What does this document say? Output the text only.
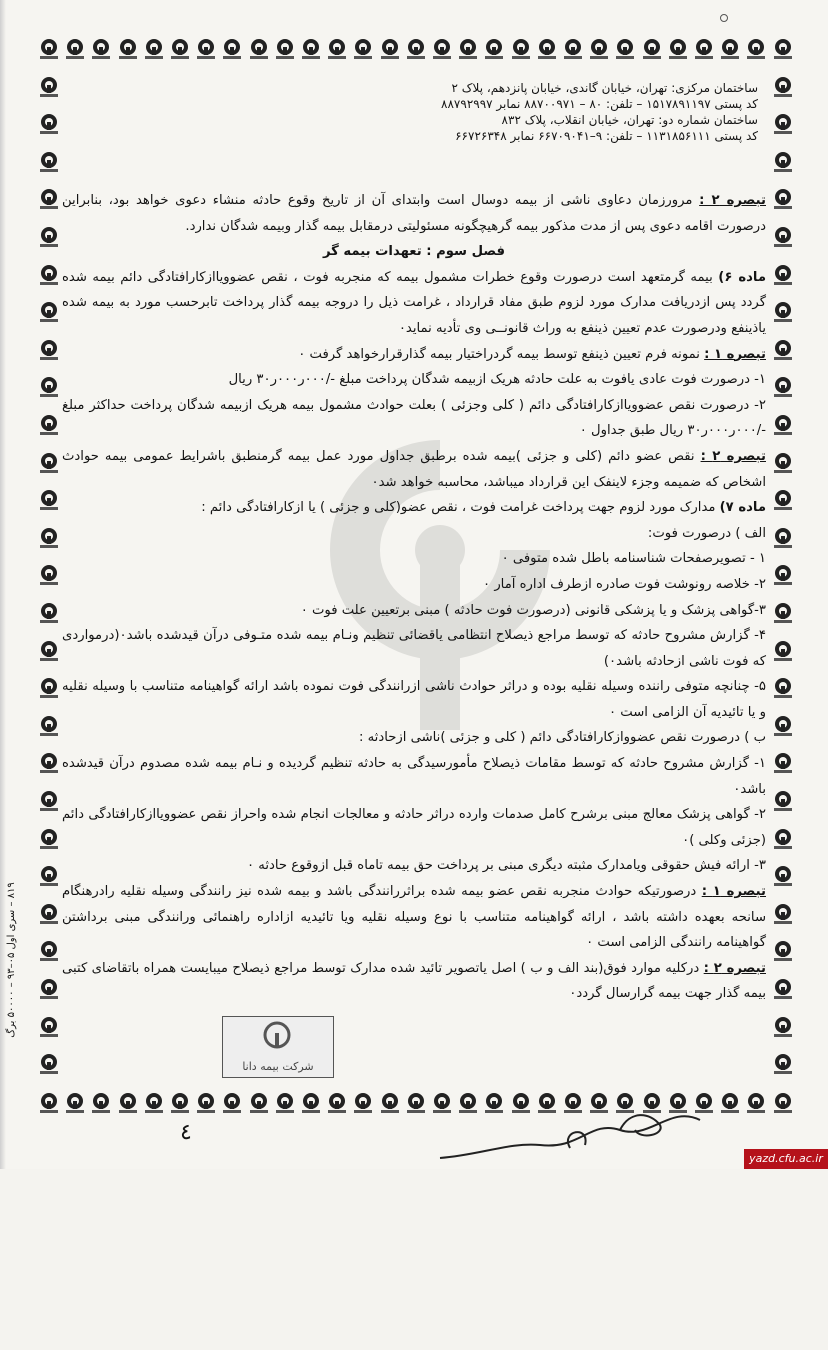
ساختمان مرکزی: تهران، خیابان گاندی، خیابان پانزدهم، پلاک ۲
کد پستی ۱۵۱۷۸۹۱۱۹۷ – تلفن: ۸۰ – ۸۸۷۰۰۹۷۱ نمابر ۸۸۷۹۲۹۹۷
ساختمان شماره دو: تهران، خیابان انقلاب، پلاک ۸۳۲
کد پستی ۱۱۳۱۸۵۶۱۱۱ – تلفن: ۹–۶۶۷۰۹۰۴۱ نمابر ۶۶۷۲۶۳۴۸

تبصره ۲ : مرورزمان دعاوی ناشی از بیمه دوسال است وابتدای آن از تاریخ وقوع حادثه منشاء دعوی خواهد بود، بنابراین درصورت اقامه دعوی پس از مدت مذکور بیمه گرهیچگونه مسئولیتی درمقابل بیمه گذار وبیمه شدگان ندارد.

فصل سوم : تعهدات بیمه گر

ماده ۶) بیمه گرمتعهد است درصورت وقوع خطرات مشمول بیمه که منجربه فوت ، نقص عضوویاازکارافتادگی دائم بیمه شده گردد پس ازدریافت مدارک مورد لزوم طبق مفاد قرارداد ، غرامت ذیل را دروجه بیمه گذار پرداخت تابرحسب مورد به بیمه شده یاذینفع ودرصورت عدم تعیین ذینفع به وراث قانونــی وی تأدیه نماید۰

تبصره ۱ : نمونه فرم تعیین ذینفع توسط بیمه گردراختیار بیمه گذارقرارخواهد گرفت ۰

۱- درصورت فوت عادی یافوت به علت حادثه هریک ازبیمه شدگان پرداخت مبلغ -/۰۰۰ر۰۰۰ر۳۰ ریال

۲- درصورت نقص عضوویاازکارافتادگی دائم ( کلی وجزئی ) بعلت حوادث مشمول بیمه هریک ازبیمه شدگان پرداخت حداکثر مبلغ -/۰۰۰ر۰۰۰ر۳۰ ریال طبق جداول ۰

تبصره ۲ : نقص عضو دائم (کلی و جزئی )بیمه شده برطبق جداول مورد عمل بیمه گرمنطبق باشرایط عمومی بیمه حوادث اشخاص که ضمیمه وجزء لاینفک این قرارداد میباشد، محاسبه خواهد شد۰

ماده ۷) مدارک مورد لزوم جهت پرداخت غرامت فوت ، نقص عضو(کلی و جزئی ) یا ازکارافتادگی دائم :

الف ) درصورت فوت:

۱ - تصویرصفحات شناسنامه باطل شده متوفی ۰

۲- خلاصه رونوشت فوت صادره ازطرف اداره آمار ۰

۳-گواهی پزشک و یا پزشکی قانونی (درصورت فوت حادثه ) مبنی برتعیین علت فوت ۰

۴- گزارش مشروح حادثه که توسط مراجع ذیصلاح انتظامی یاقضائی تنظیم ونـام بیمه شده متـوفی درآن قیدشده باشد۰(درمواردی که فوت ناشی ازحادثه باشد۰)

۵- چنانچه متوفی راننده وسیله نقلیه بوده و دراثر حوادث ناشی ازرانندگی فوت نموده باشد ارائه گواهینامه متناسب با وسیله نقلیه و یا تائیدیه آن الزامی است ۰

ب ) درصورت نقص عضووازکارافتادگی دائم ( کلی و جزئی )ناشی ازحادثه :

۱- گزارش مشروح حادثه که توسط مقامات ذیصلاح مأمورسیدگی به حادثه تنظیم گردیده و نـام بیمه شده مصدوم درآن قیدشده باشد۰

۲- گواهی پزشک معالج مبنی برشرح کامل صدمات وارده دراثر حادثه و معالجات انجام شده واحراز نقص عضوویاازکارافتادگی دائم (جزئی وکلی )۰

۳- ارائه فیش حقوقی ویامدارک مثبته دیگری مبنی بر پرداخت حق بیمه تاماه قبل ازوقوع حادثه ۰

تبصره ۱ : درصورتیکه حوادث منجربه نقص عضو بیمه شده براثررانندگی باشد و بیمه شده نیز رانندگی وسیله نقلیه رادرهنگام سانحه بعهده داشته باشد ، ارائه گواهینامه متناسب با نوع وسیله نقلیه ویا تائیدیه ازاداره راهنمائی ورانندگی مبنی برداشتن گواهینامه رانندگی الزامی است ۰

تبصره ۲ : درکلیه موارد فوق(بند الف و ب ) اصل یاتصویر تائید شده مدارک توسط مراجع ذیصلاح میبایست همراه باتقاضای کتبی بیمه گذار جهت بیمه گرارسال گردد۰

۸۱۹ – سری اول ۰۵–۹۳ – ۵۰۰۰۰ برگ
شرکت بیمه دانا
٤
yazd.cfu.ac.ir
